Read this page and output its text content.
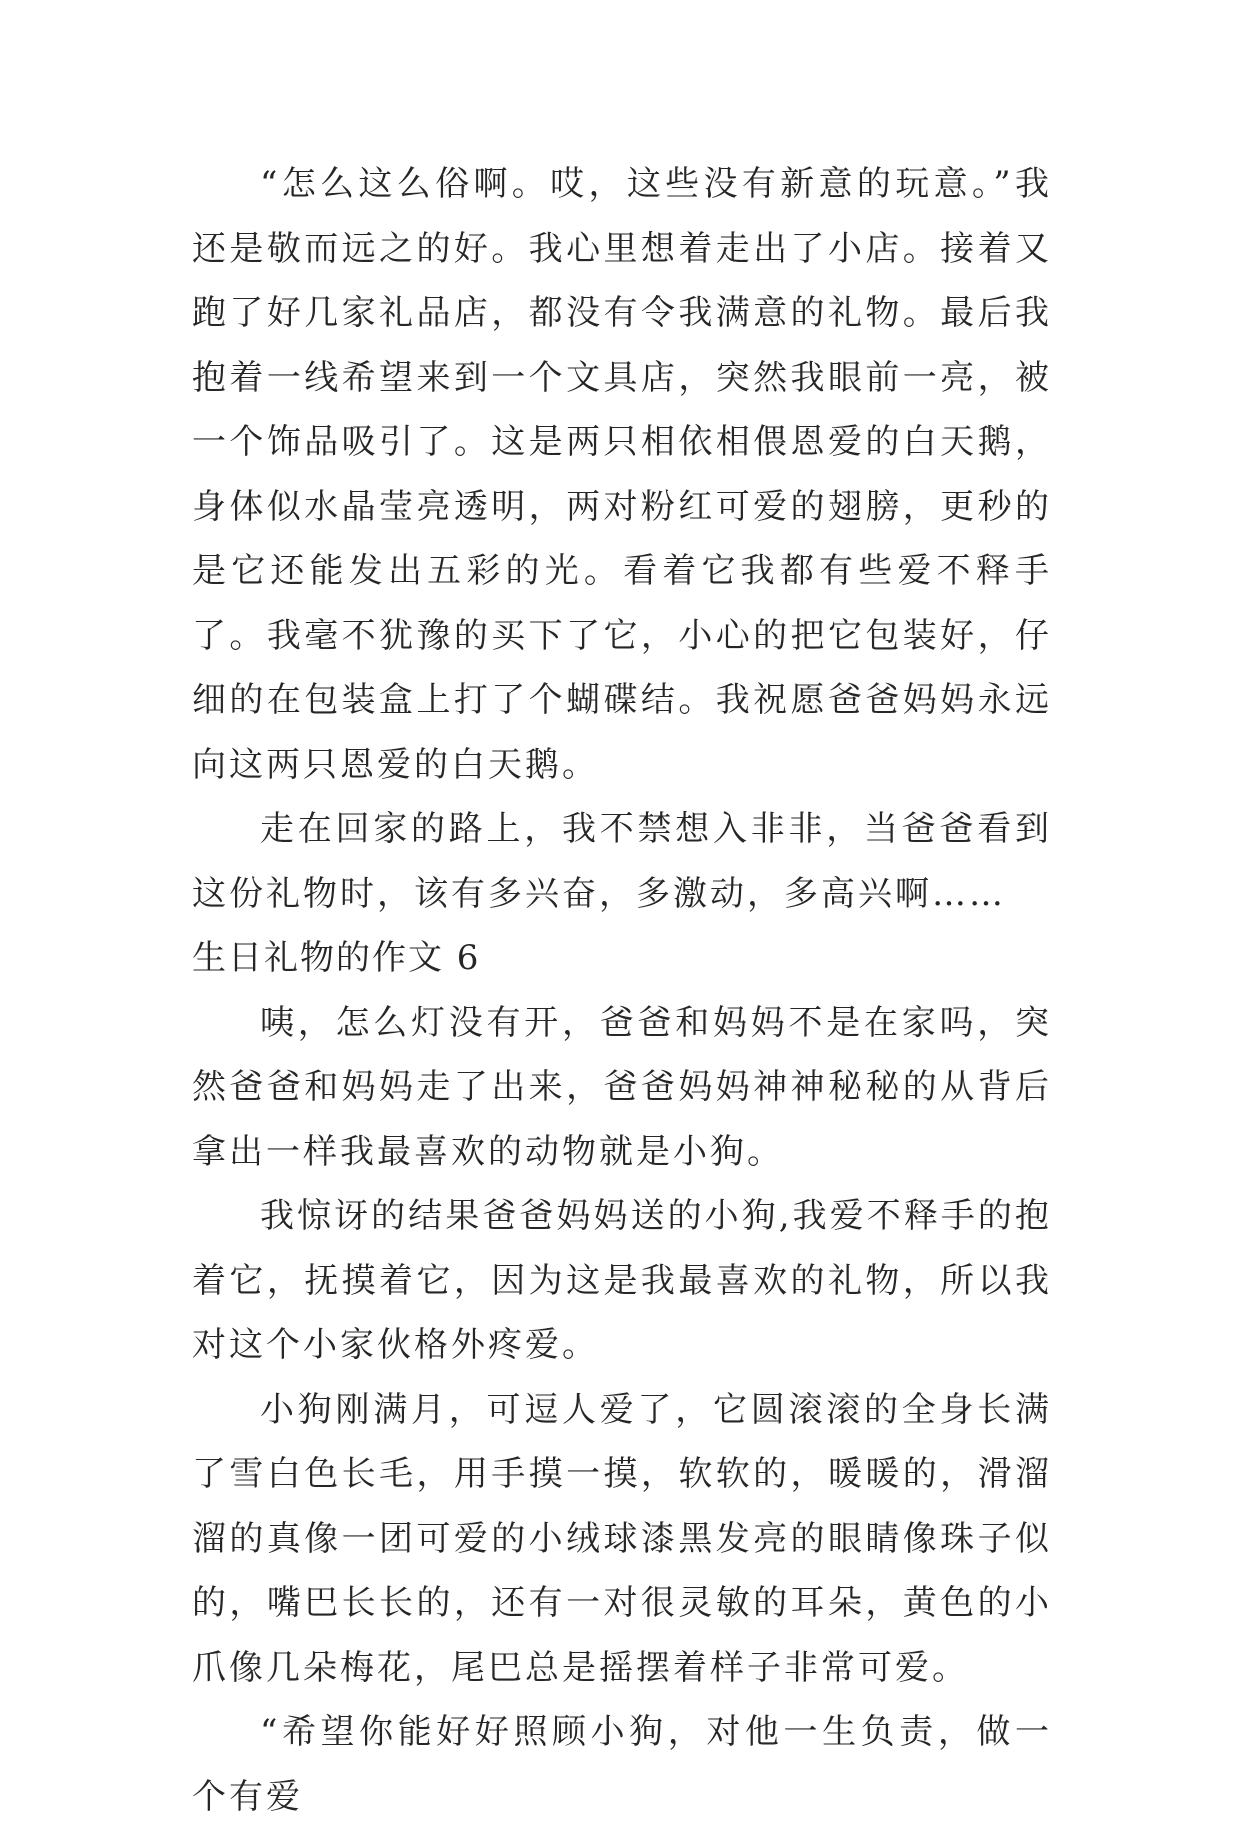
“怎么这么俗啊。哎，这些没有新意的玩意。”我还是敬而远之的好。我心里想着走出了小店。接着又跑了好几家礼品店，都没有令我满意的礼物。最后我抱着一线希望来到一个文具店，突然我眼前一亮，被一个饰品吸引了。这是两只相依相偎恩爱的白天鹅，身体似水晶莹亮透明，两对粉红可爱的翅膀，更秒的是它还能发出五彩的光。看着它我都有些爱不释手了。我毫不犹豫的买下了它，小心的把它包装好，仔细的在包装盒上打了个蝴碟结。我祝愿爸爸妈妈永远向这两只恩爱的白天鹅。

走在回家的路上，我不禁想入非非，当爸爸看到这份礼物时，该有多兴奋，多激动，多高兴啊……

生日礼物的作文 6

咦，怎么灯没有开，爸爸和妈妈不是在家吗，突然爸爸和妈妈走了出来，爸爸妈妈神神秘秘的从背后拿出一样我最喜欢的动物就是小狗。

我惊讶的结果爸爸妈妈送的小狗,我爱不释手的抱着它，抚摸着它，因为这是我最喜欢的礼物，所以我对这个小家伙格外疼爱。

小狗刚满月，可逗人爱了，它圆滚滚的全身长满了雪白色长毛，用手摸一摸，软软的，暖暖的，滑溜溜的真像一团可爱的小绒球漆黑发亮的眼睛像珠子似的，嘴巴长长的，还有一对很灵敏的耳朵，黄色的小爪像几朵梅花，尾巴总是摇摆着样子非常可爱。

“希望你能好好照顾小狗，对他一生负责，做一个有爱
